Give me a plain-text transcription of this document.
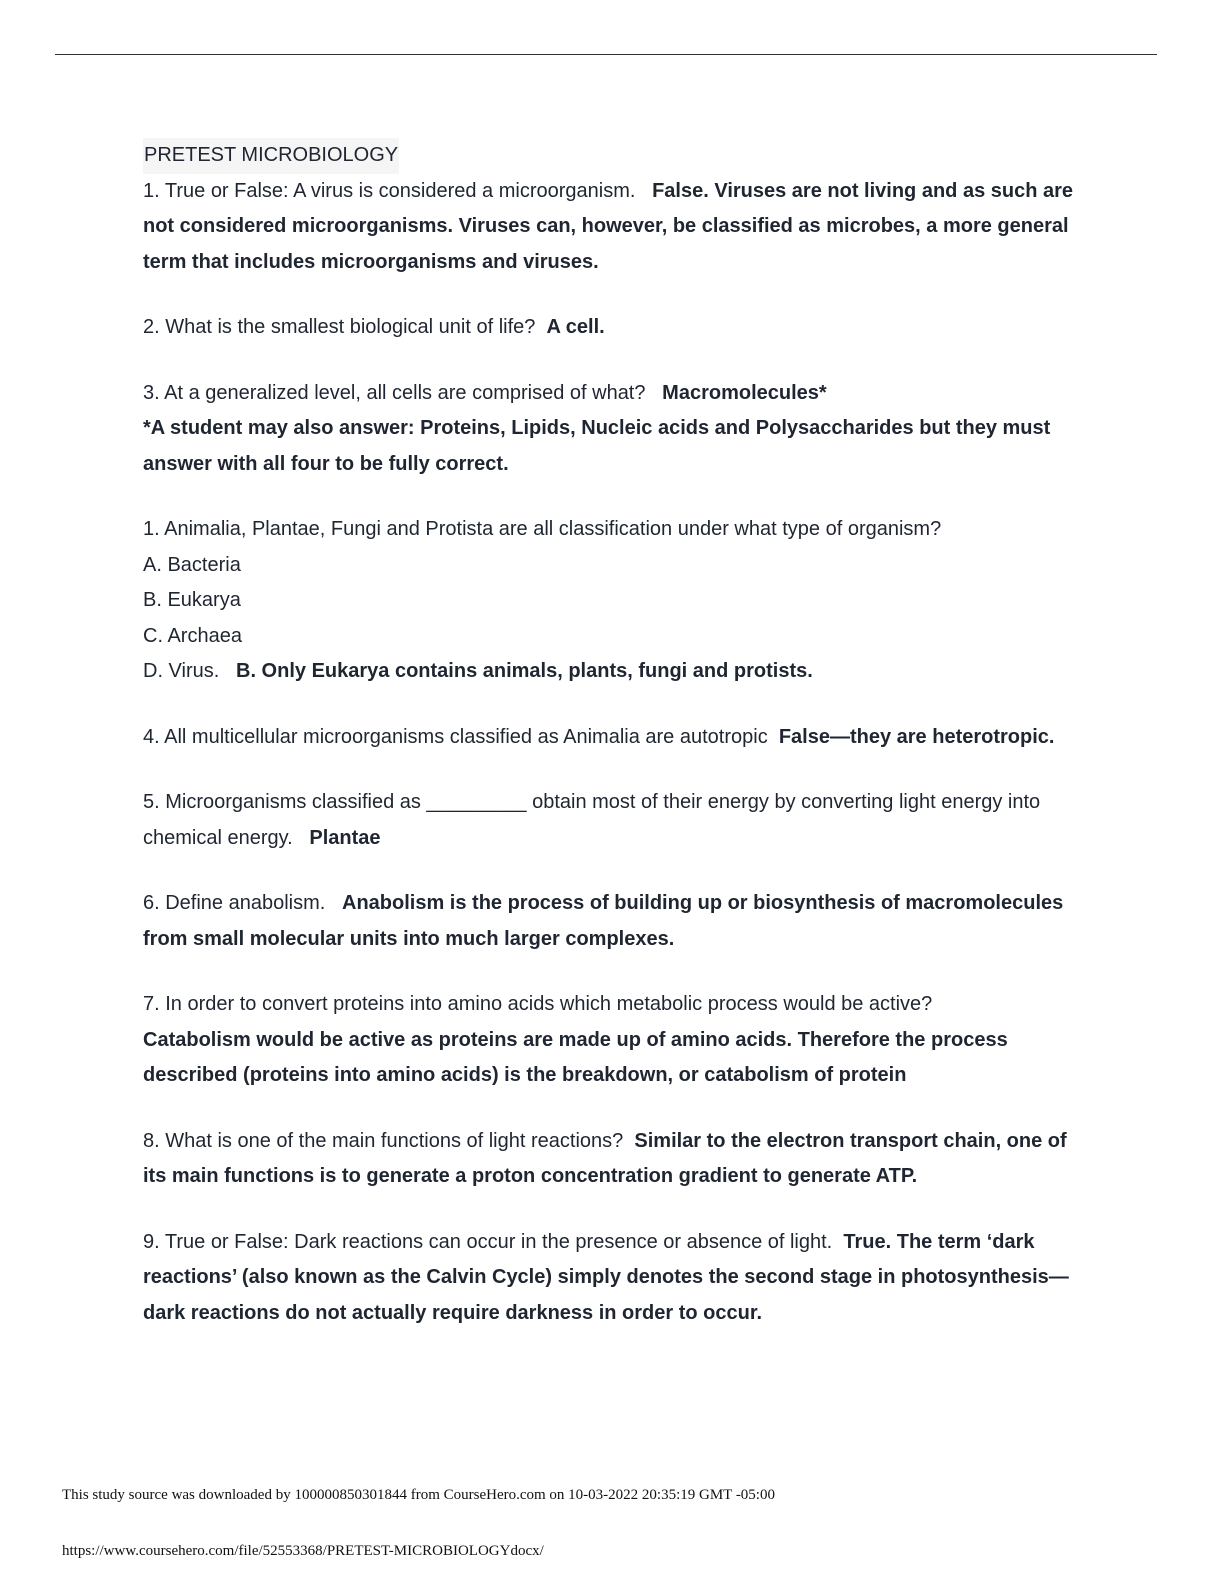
PRETEST MICROBIOLOGY
1. True or False: A virus is considered a microorganism. False. Viruses are not living and as such are not considered microorganisms. Viruses can, however, be classified as microbes, a more general term that includes microorganisms and viruses.
2. What is the smallest biological unit of life? A cell.
3. At a generalized level, all cells are comprised of what? Macromolecules*
*A student may also answer: Proteins, Lipids, Nucleic acids and Polysaccharides but they must answer with all four to be fully correct.
1. Animalia, Plantae, Fungi and Protista are all classification under what type of organism?
A. Bacteria
B. Eukarya
C. Archaea
D. Virus. B. Only Eukarya contains animals, plants, fungi and protists.
4. All multicellular microorganisms classified as Animalia are autotropic False—they are heterotropic.
5. Microorganisms classified as _________ obtain most of their energy by converting light energy into chemical energy. Plantae
6. Define anabolism. Anabolism is the process of building up or biosynthesis of macromolecules from small molecular units into much larger complexes.
7. In order to convert proteins into amino acids which metabolic process would be active?
Catabolism would be active as proteins are made up of amino acids. Therefore the process described (proteins into amino acids) is the breakdown, or catabolism of protein
8. What is one of the main functions of light reactions? Similar to the electron transport chain, one of its main functions is to generate a proton concentration gradient to generate ATP.
9. True or False: Dark reactions can occur in the presence or absence of light. True. The term ‘dark reactions’ (also known as the Calvin Cycle) simply denotes the second stage in photosynthesis—dark reactions do not actually require darkness in order to occur.
This study source was downloaded by 100000850301844 from CourseHero.com on 10-03-2022 20:35:19 GMT -05:00
https://www.coursehero.com/file/52553368/PRETEST-MICROBIOLOGYdocx/
